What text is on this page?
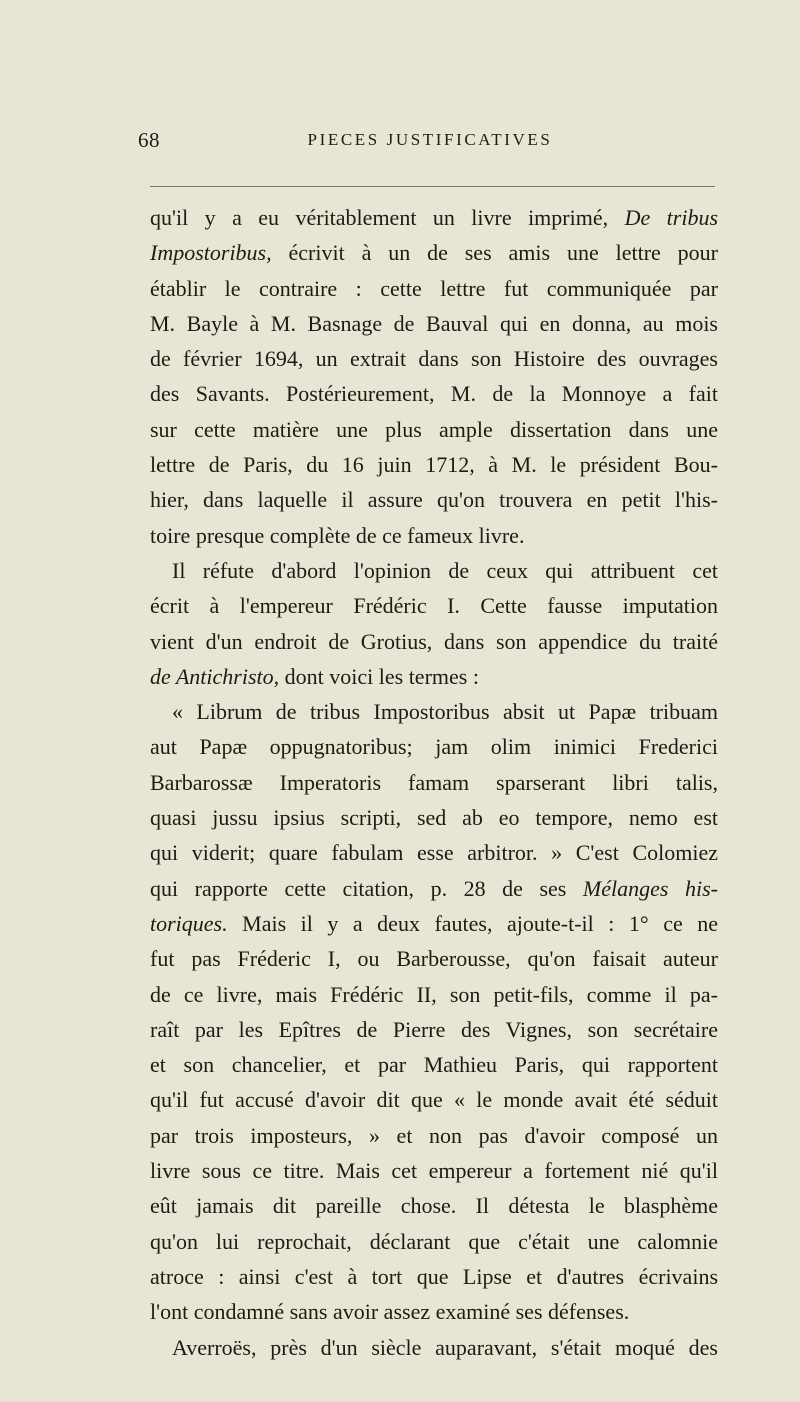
68	PIECES JUSTIFICATIVES
qu'il y a eu véritablement un livre imprimé, De tribus
Impostoribus, écrivit à un de ses amis une lettre pour
établir le contraire : cette lettre fut communiquée par
M. Bayle à M. Basnage de Bauval qui en donna, au mois
de février 1694, un extrait dans son Histoire des ouvrages
des Savants. Postérieurement, M. de la Monnoye a fait
sur cette matière une plus ample dissertation dans une
lettre de Paris, du 16 juin 1712, à M. le président Bou-
hier, dans laquelle il assure qu'on trouvera en petit l'his-
toire presque complète de ce fameux livre.
Il réfute d'abord l'opinion de ceux qui attribuent cet
écrit à l'empereur Frédéric I. Cette fausse imputation
vient d'un endroit de Grotius, dans son appendice du traité
de Antichristo, dont voici les termes :
« Librum de tribus Impostoribus absit ut Papæ tribuam
aut Papæ oppugnatoribus; jam olim inimici Frederici
Barbarossæ Imperatoris famam sparserant libri talis,
quasi jussu ipsius scripti, sed ab eo tempore, nemo est
qui viderit; quare fabulam esse arbitror. » C'est Colomiez
qui rapporte cette citation, p. 28 de ses Mélanges his-
toriques. Mais il y a deux fautes, ajoute-t-il : 1° ce ne
fut pas Fréderic I, ou Barberousse, qu'on faisait auteur
de ce livre, mais Frédéric II, son petit-fils, comme il pa-
raît par les Epîtres de Pierre des Vignes, son secrétaire
et son chancelier, et par Mathieu Paris, qui rapportent
qu'il fut accusé d'avoir dit que « le monde avait été séduit
par trois imposteurs, » et non pas d'avoir composé un
livre sous ce titre. Mais cet empereur a fortement nié qu'il
eût jamais dit pareille chose. Il détesta le blasphème
qu'on lui reprochait, déclarant que c'était une calomnie
atroce : ainsi c'est à tort que Lipse et d'autres écrivains
l'ont condamné sans avoir assez examiné ses défenses.
Averroës, près d'un siècle auparavant, s'était moqué des
